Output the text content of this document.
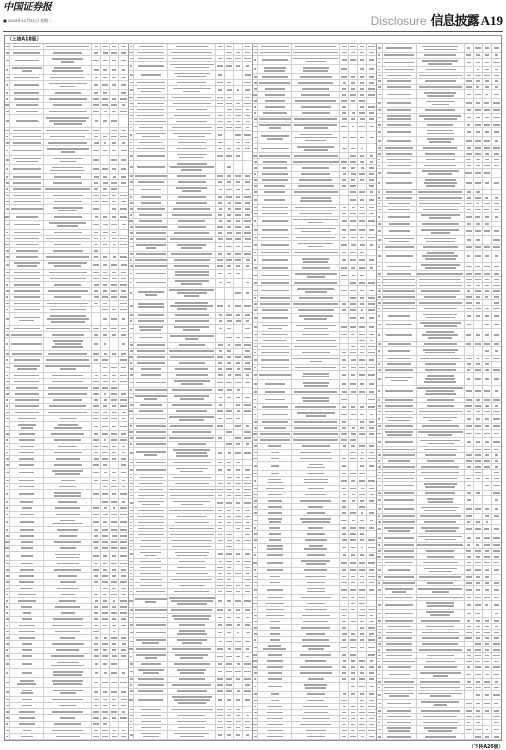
中国证券报
■ 2019年12月31日 星期二	Disclosure 信息披露 A19
（上接A18版）
（下转A20版）
